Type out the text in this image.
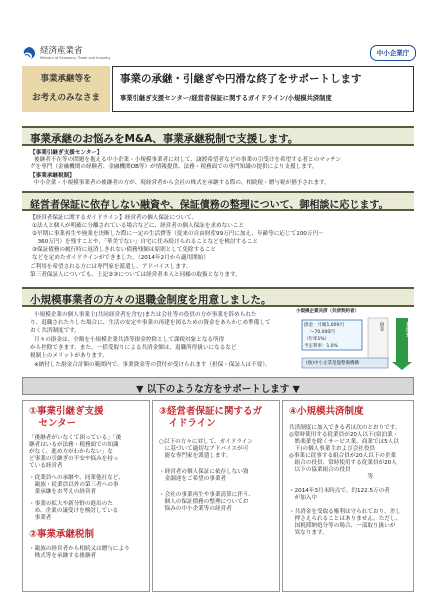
経済産業省
Ministry of Economy, Trade and Industry
中小企業庁
事業承継等を
お考えのみなさま
事業の承継・引継ぎや円滑な終了をサポートします
事業引継ぎ支援センター/経営者保証に関するガイドライン/小規模共済制度
事業承継のお悩みをM&A、事業承継税制で支援します。
【事業引継ぎ支援センター】
後継者不在等の問題を抱える中小企業・小規模事業者に対して、譲渡希望者などの事業の引受けを希望する者とのマッチン
グを専門（金融機関の経験者、金融機関OB等）が情報提供、法務・税務面での専門知識の提供により支援します。
【事業承継税制】
中小企業・小規模事業者の後継者の方が、現経営者から会社の株式を承継する際の、相続税・贈与税が猶予されます。
経営者保証に依存しない融資や、保証債務の整理について、御相談に応じます。
【経営者保証に関するガイドライン】経営者の個人保証について、
①法人と個人が明確に分離されている場合などに、経営者の個人保証を求めないこと
②早期に事業再生や廃業を決断した際に一定の生活費等（従来の自由財産99万円に加え、年齢等に応じて100万円～
　360万円）を残すことや、「華美でない」自宅に住み続けられることなどを検討すること
③保証債務の履行時に返済しきれない債務残額は原則として免除すること
などを定めたガイドラインができました。（2014年2月から適用開始）
ご利用を希望される方には専門家を派遣し、アドバイスします。
第三者保証人についても、上記②③については経営者本人と同様の取扱となります。
小規模事業者の方々の退職金制度を用意しました。
小規模企業の個人事業主(共同経営者を含む)または会社等の役員の方が事業を辞められた
り、退職されたりした場合に、生活の安定や事業の再建を図るための資金をあらかじめ準備して
おく共済制度です。
月々の掛金は、全額を小規模企業共済等掛金控除として課税対象となる所得
から控除できます。また、一括受取りによる共済金額は、退職所得扱いになるなど
税制上のメリットがあります。
※納付した掛金合計額の範囲内で、事業資金等の貸付が受けられます（担保・保証人は不要）。
小規模企業共済（共済契約者）
掛金：月額1,000円
～70,000円
（年率1%）
予定利率：1.0%
掛金	共済金
(独)中小企業基盤整備機構
▼ 以下のような方をサポートします ▼
①事業引継ぎ支援
　センター
「後継者がいなくて困っている」「後
継者はいるが法務・税務面での知識
がなく、進め方がわからない」な
ど事業の引継ぎの不安や悩みを持っ
ている経営者
・従業員への承継や、同業他社など、
　親族・従業員以外の第三者への事
　業承継をお考えの経営者
・事業の拡大や新分野の進出のた
　め、企業の譲受けを検討している
　事業者
②事業承継税制
・親族の経営者から相続又は贈与により
　株式等を承継する後継者
③経営者保証に関するガ
　イドライン
○以下の方々に対して、ガイドライン
　に基づいて適切なアドバイスが可
　能な専門家を派遣します。
・経営者の個人保証に依存しない資
　金調達をご希望の事業者
・会社の事業再生や事業清算に伴う、
　個人の保証債務の整理についてお
　悩みの中小企業等の経営者
④小規模共済制度
共済制度に加入できる者は次のとおりです。
◎常時使用する従業員が20人以下(宿泊業・
　娯楽業を除くサービス業、商業では5人以
　下)の個人事業主および会社役員
◎事業に従事する組合員が20人以下の企業
　組合の役員、常時使用する従業員が20人
　以下の協業組合の役員
　　　　　　　　　　　　　　等
・2014年3月末時点で、約122.5万の者
　が加入中
・共済金を受取る権利は守られており、差し
　押さえられることはありません。ただし、
　国税滞納処分等の場合、一部取り扱いが
　異なります。
